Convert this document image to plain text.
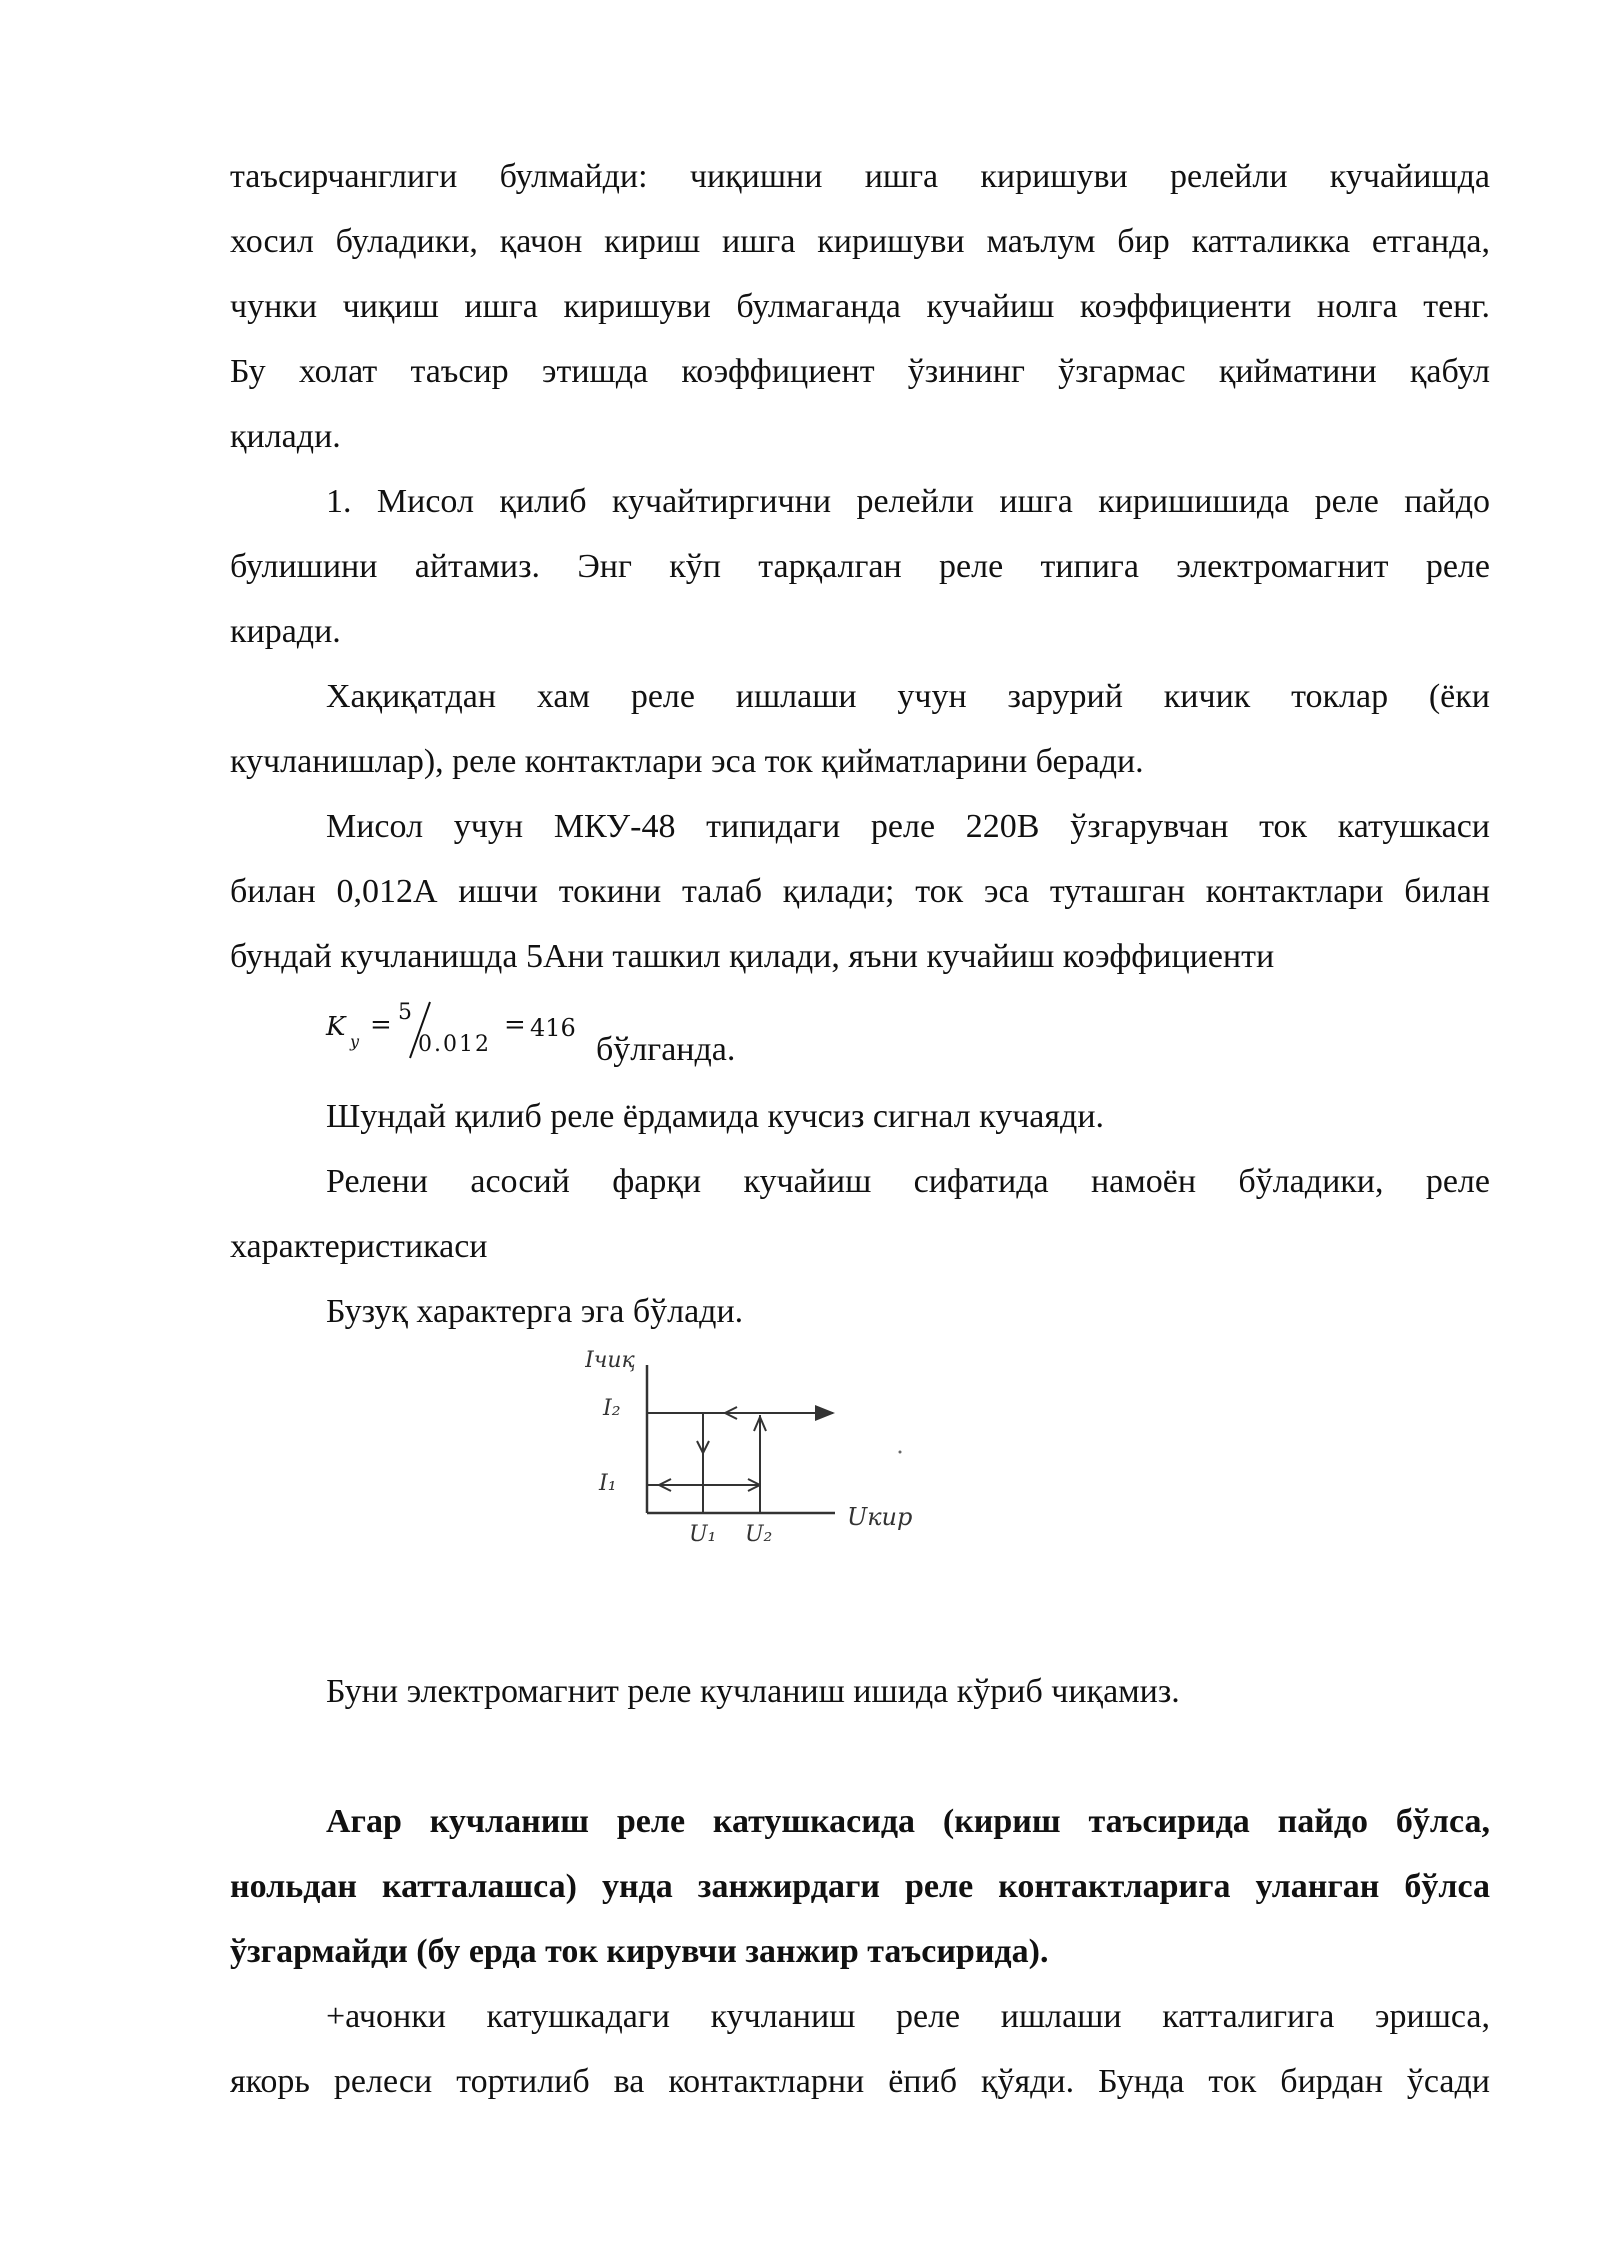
таъсирчанглиги булмайди: чиқишни ишга киришуви релейли кучайишда
хосил буладики, қачон кириш ишга киришуви маълум бир катталикка етганда,
чунки чиқиш ишга киришуви булмаганда кучайиш коэффициенти нолга тенг.
Бу холат таъсир этишда коэффициент ўзининг ўзгармас қийматини қабул
қилади.
1. Мисол қилиб кучайтиргични релейли ишга киришишида реле пайдо
булишини айтамиз. Энг кўп тарқалган реле типига электромагнит реле
киради.
Хақиқатдан хам реле ишлаши учун зарурий кичик токлар (ёки
кучланишлар), реле контактлари эса ток қийматларини беради.
Мисол учун МКУ-48 типидаги реле 220В ўзгарувчан ток катушкаси
билан 0,012А ишчи токини талаб қилади; ток эса туташган контактлари билан
бундай кучланишда 5Ани ташкил қилади, яъни кучайиш коэффициенти
K y
= 5
0.012
= 416
бўлганда.
Шундай қилиб реле ёрдамида кучсиз сигнал кучаяди.
Релени асосий фарқи кучайиш сифатида намоён бўладики, реле
характеристикаси
Бузуқ характерга эга бўлади.
Iчиқ
I₂
I₁
U₁ U₂
Uкир
Буни электромагнит реле кучланиш ишида кўриб чиқамиз.
Агар кучланиш реле катушкасида (кириш таъсирида пайдо бўлса,
нольдан катталашса) унда занжирдаги реле контактларига уланган бўлса
ўзгармайди (бу ерда ток кирувчи занжир таъсирида).
+ачонки катушкадаги кучланиш реле ишлаши катталигига эришса,
якорь релеси тортилиб ва контактларни ёпиб қўяди. Бунда ток бирдан ўсади
